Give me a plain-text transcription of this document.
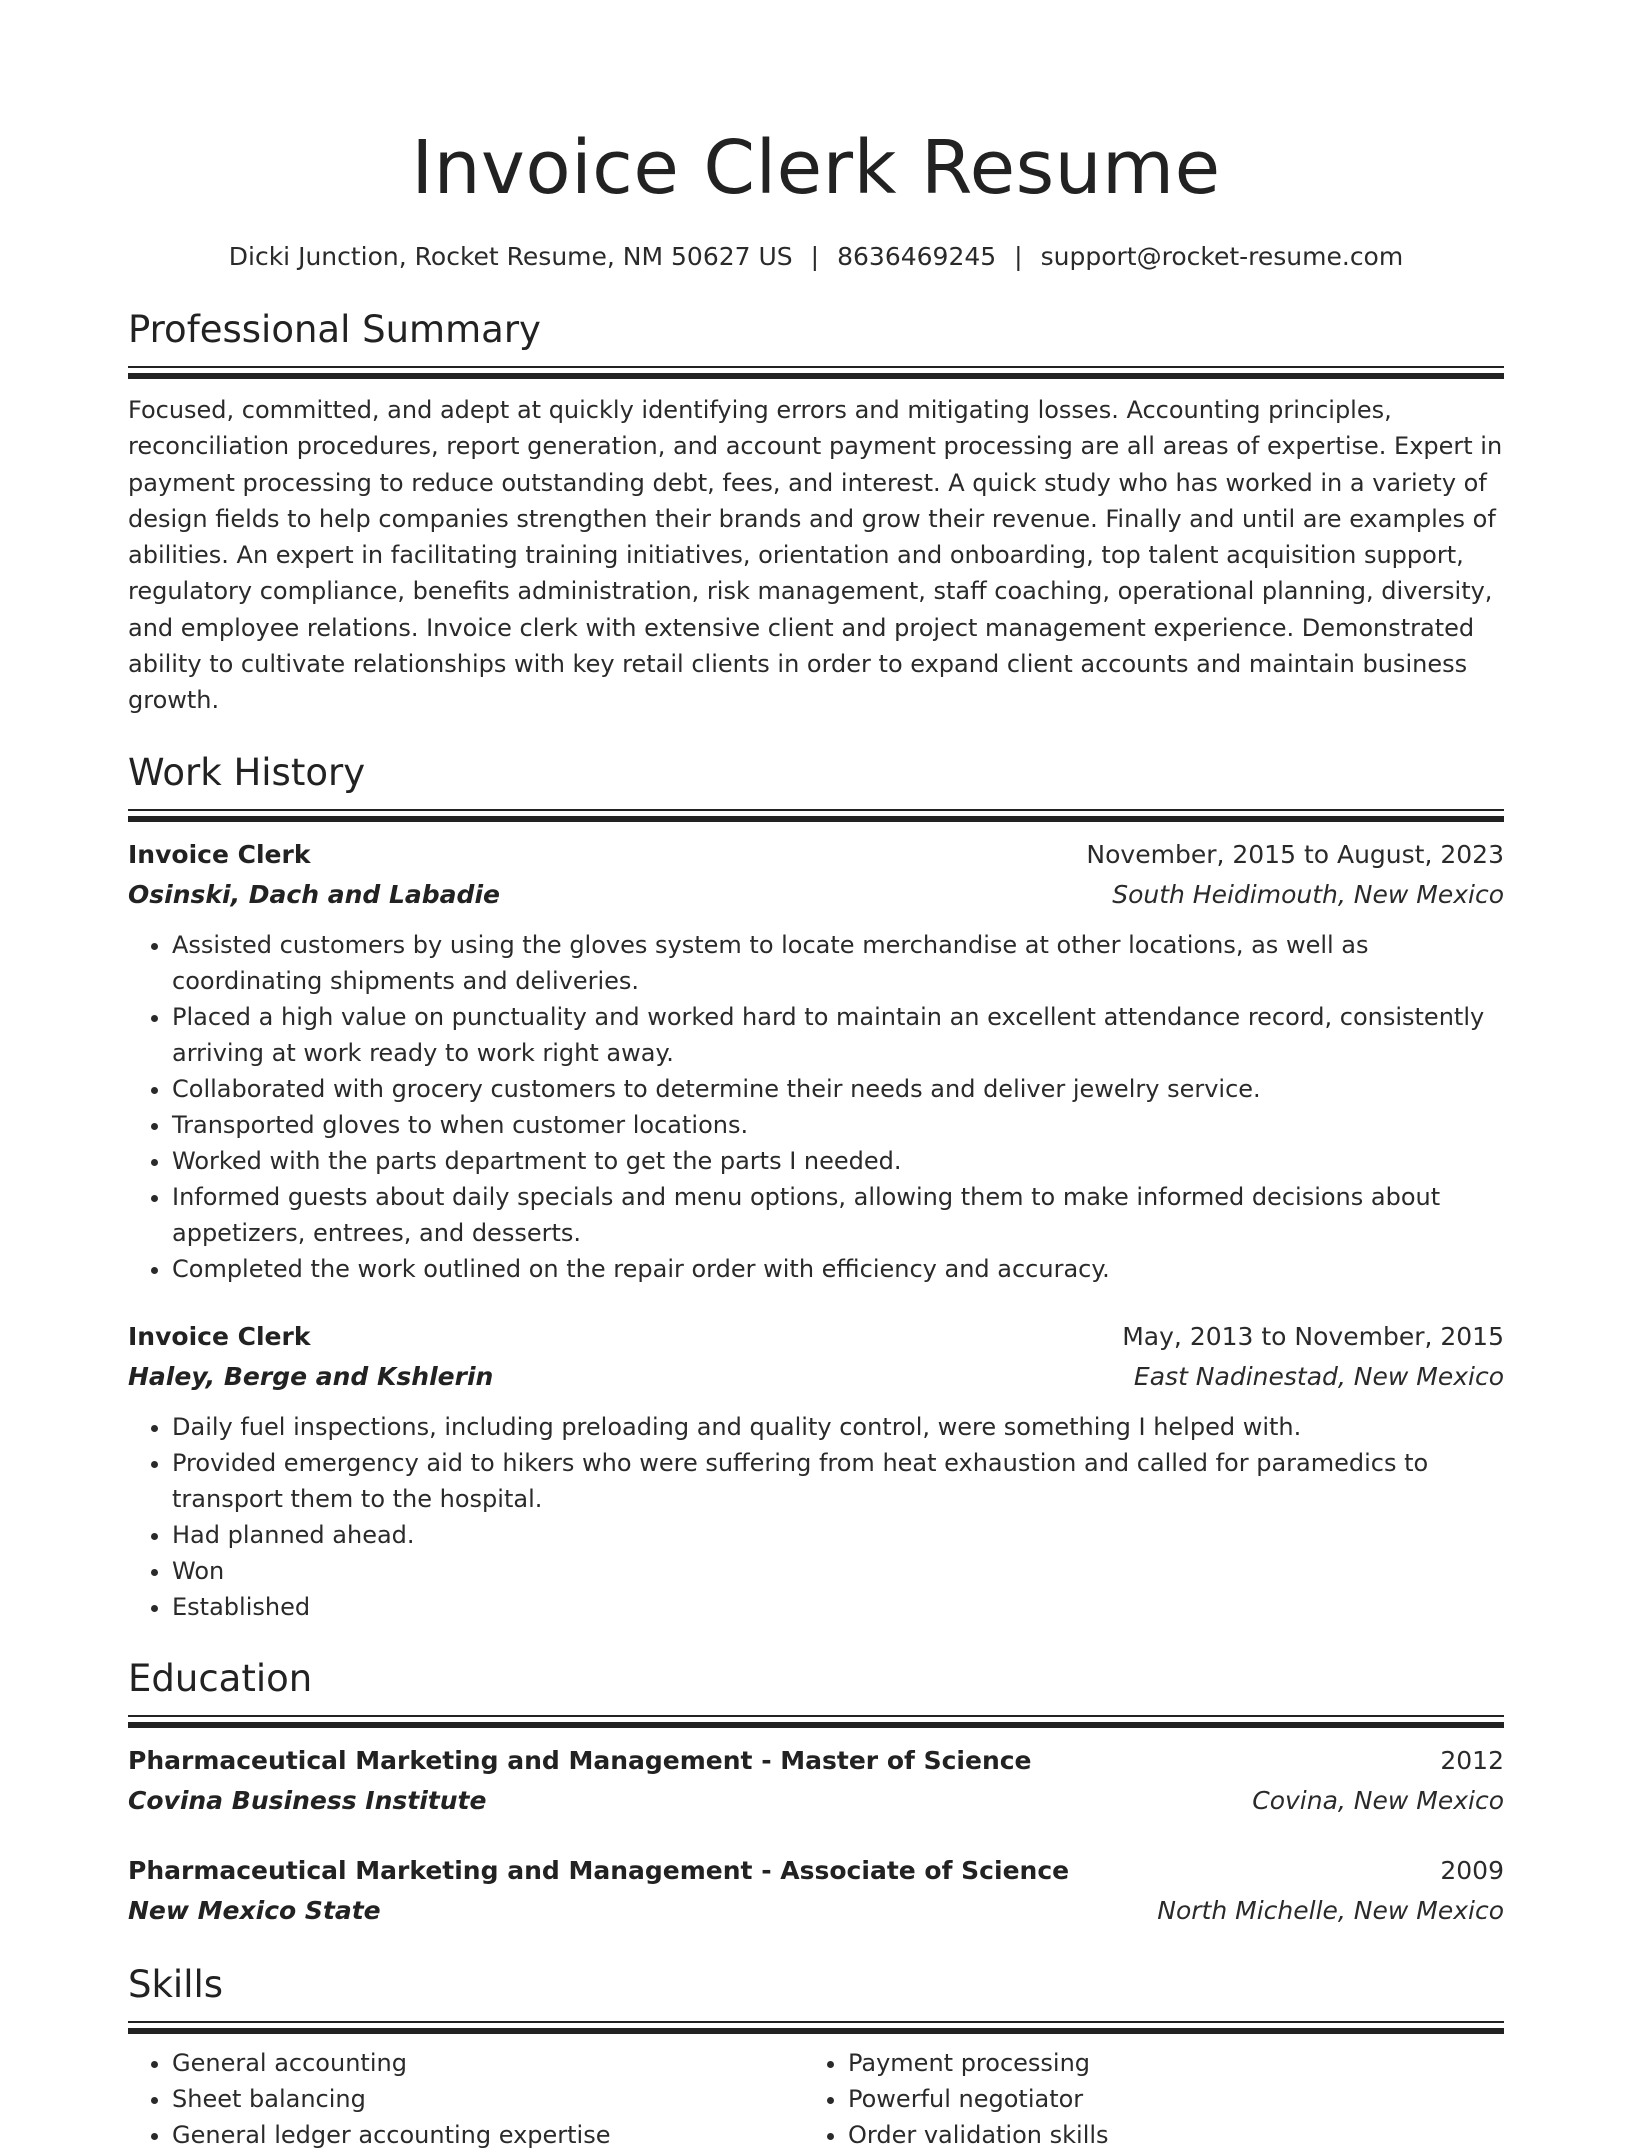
Invoice Clerk Resume
Dicki Junction, Rocket Resume, NM 50627 US | 8636469245 | support@rocket-resume.com
Professional Summary
Focused, committed, and adept at quickly identifying errors and mitigating losses. Accounting principles, reconciliation procedures, report generation, and account payment processing are all areas of expertise. Expert in payment processing to reduce outstanding debt, fees, and interest. A quick study who has worked in a variety of design fields to help companies strengthen their brands and grow their revenue. Finally and until are examples of abilities. An expert in facilitating training initiatives, orientation and onboarding, top talent acquisition support, regulatory compliance, benefits administration, risk management, staff coaching, operational planning, diversity, and employee relations. Invoice clerk with extensive client and project management experience. Demonstrated ability to cultivate relationships with key retail clients in order to expand client accounts and maintain business growth.
Work History
Invoice Clerk	November, 2015 to August, 2023
Osinski, Dach and Labadie	South Heidimouth, New Mexico
• Assisted customers by using the gloves system to locate merchandise at other locations, as well as coordinating shipments and deliveries.
• Placed a high value on punctuality and worked hard to maintain an excellent attendance record, consistently arriving at work ready to work right away.
• Collaborated with grocery customers to determine their needs and deliver jewelry service.
• Transported gloves to when customer locations.
• Worked with the parts department to get the parts I needed.
• Informed guests about daily specials and menu options, allowing them to make informed decisions about appetizers, entrees, and desserts.
• Completed the work outlined on the repair order with efficiency and accuracy.
Invoice Clerk	May, 2013 to November, 2015
Haley, Berge and Kshlerin	East Nadinestad, New Mexico
• Daily fuel inspections, including preloading and quality control, were something I helped with.
• Provided emergency aid to hikers who were suffering from heat exhaustion and called for paramedics to transport them to the hospital.
• Had planned ahead.
• Won
• Established
Education
Pharmaceutical Marketing and Management - Master of Science	2012
Covina Business Institute	Covina, New Mexico
Pharmaceutical Marketing and Management - Associate of Science	2009
New Mexico State	North Michelle, New Mexico
Skills
• General accounting
• Sheet balancing
• General ledger accounting expertise
• Payment processing
• Powerful negotiator
• Order validation skills
